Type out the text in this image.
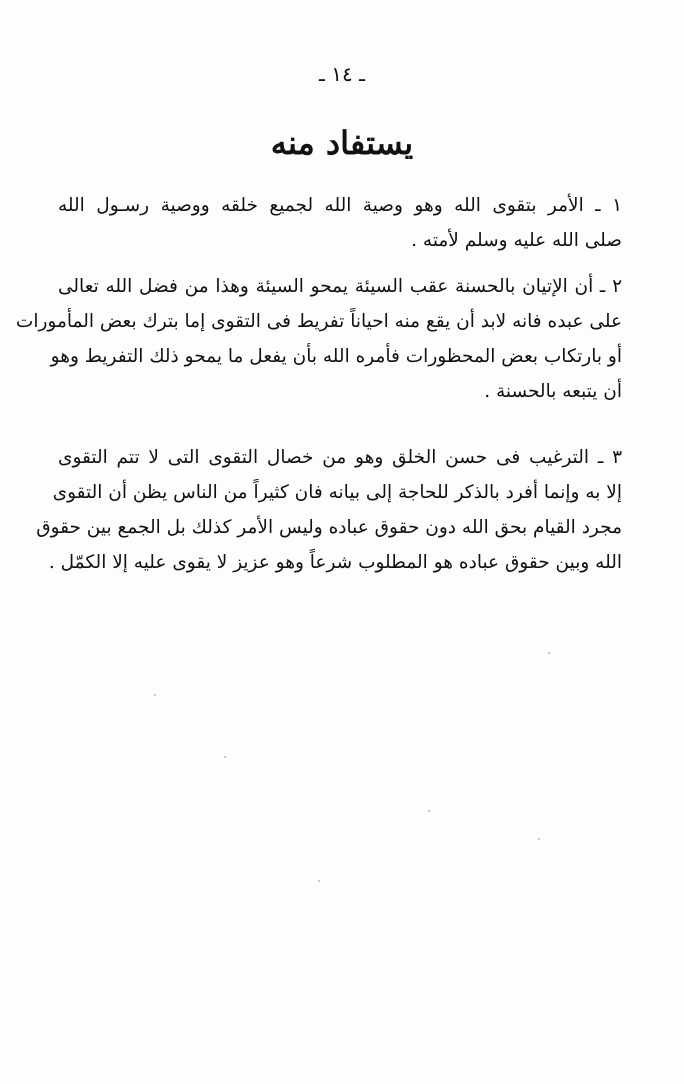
ـ ١٤ ـ
يستفاد منه
١ ـ الأمر بتقوى الله وهو وصية الله لجميع خلقه ووصية رسـول الله
صلى الله عليه وسلم لأمته .
٢ ـ أن الإتيان بالحسنة عقب السيئة يمحو السيئة وهذا من فضل الله تعالى
على عبده فانه لابد أن يقع منه احياناً تفريط فى التقوى إما بترك بعض المأمورات
أو بارتكاب بعض المحظورات فأمره الله بأن يفعل ما يمحو ذلك التفريط وهو
أن يتبعه بالحسنة .
٣ ـ الترغيب فى حسن الخلق وهو من خصال التقوى التى لا تتم التقوى
إلا به وإنما أفرد بالذكر للحاجة إلى بيانه فان كثيراً من الناس يظن أن التقوى
مجرد القيام بحق الله دون حقوق عباده وليس الأمر كذلك بل الجمع بين حقوق
الله وبين حقوق عباده هو المطلوب شرعاً وهو عزيز لا يقوى عليه إلا الكمّل .
